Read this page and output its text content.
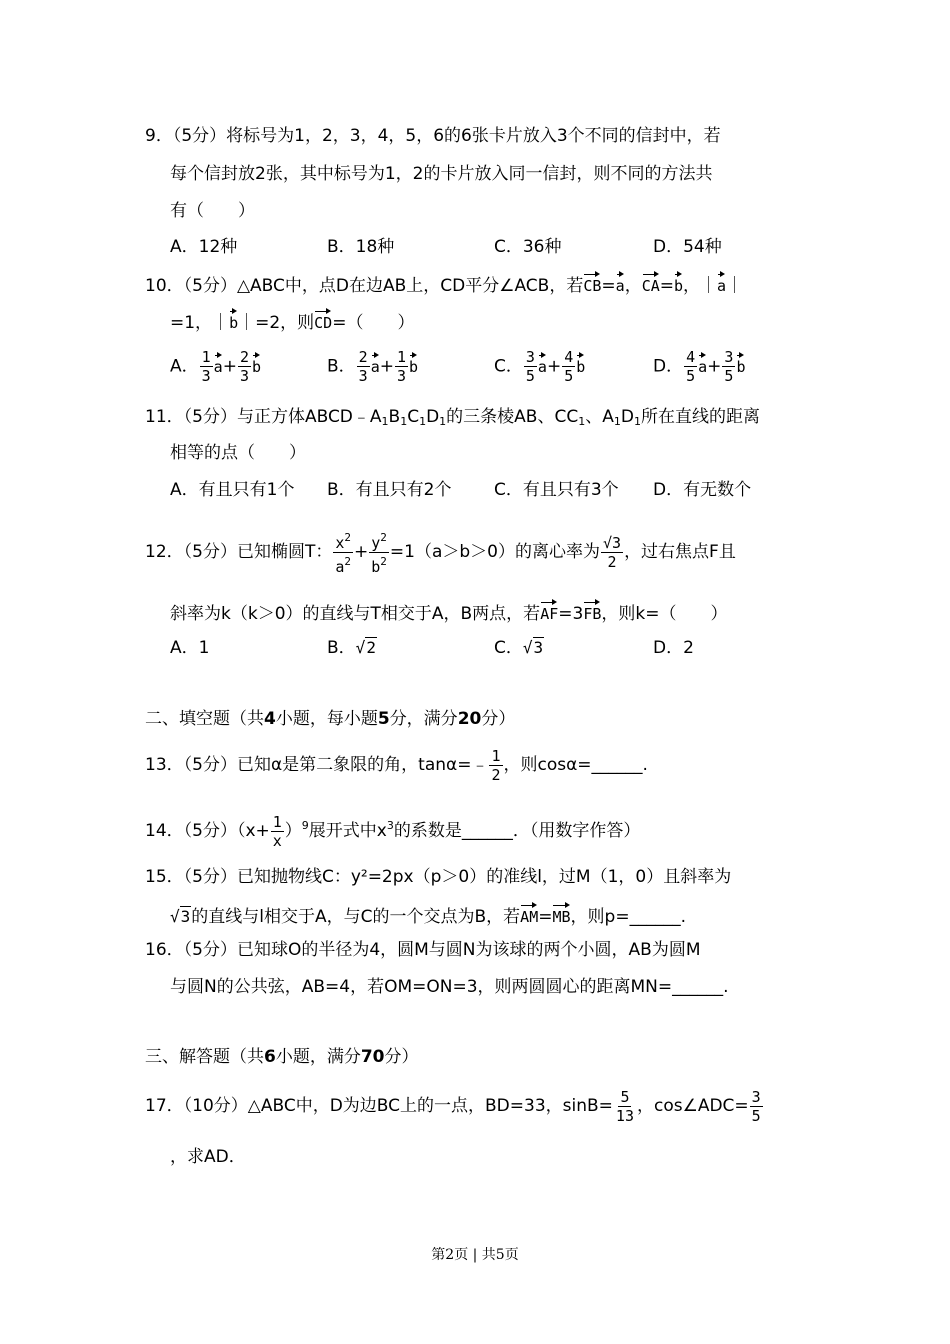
9．（5分）将标号为1，2，3，4，5，6的6张卡片放入3个不同的信封中，若
每个信封放2张，其中标号为1，2的卡片放入同一信封，则不同的方法共
有（　　）
A．12种	B．18种	C．36种	D．54种
10．（5分）△ABC中，点D在边AB上，CD平分∠ACB，若CB=a，CA=b，｜a｜
=1，｜b｜=2，则CD=（　　）
A． $\frac{1}{3} a+ \frac{2}{3}$ b	B． $\frac{2}{3} a+ \frac{1}{3}$ b	C． $\frac{3}{5} a+ \frac{4}{5}$ b	D． $\frac{4}{5} a+ \frac{3}{5}$ b
11．（5分）与正方体$ABCD﹣A_1B_1C_1D_1$的三条棱AB、$CC_1$、$A_1D_1$所在直线的距离
相等的点（　　）
A．有且只有1个 B．有且只有2个	C．有且只有3个 D．有无数个
12．（5分）已知椭圆T： $\frac{x^2}{a^2} + \frac{y^2}{b^2} =1(a>b>0)$的离心率为 $\frac{√3}{2}$ ，过右焦点F且
斜率为k（k＞0）的直线与T相交于A，B两点，若AF=3FB，则k=（　　）
A．1	B．√2	C．√3	D．2
二、填空题（共4小题，每小题5分，满分20分）
13．（5分）已知α是第二象限的角，tanα=﹣ $\frac{1}{2}$ ，则cosα=______.
14．（5分）$(x+ \frac{1}{x} )^9$展开式中$x^3$的系数是______．（用数字作答）
15．（5分）已知抛物线C：y²=2px（p＞0）的准线l，过M（1，0）且斜率为
√3的直线与l相交于A，与C的一个交点为B，若AM=MB，则p=______.
16．（5分）已知球O的半径为4，圆M与圆N为该球的两个小圆，AB为圆M
与圆N的公共弦，AB=4，若OM=ON=3，则两圆圆心的距离MN=______.
三、解答题（共6小题，满分70分）
17．（10分）△ABC中，D为边BC上的一点，BD=33，$\sin B= \frac{5}{13}$ ，cos∠ADC= $\frac{3}{5}$
，求AD．
第2页 | 共5页
